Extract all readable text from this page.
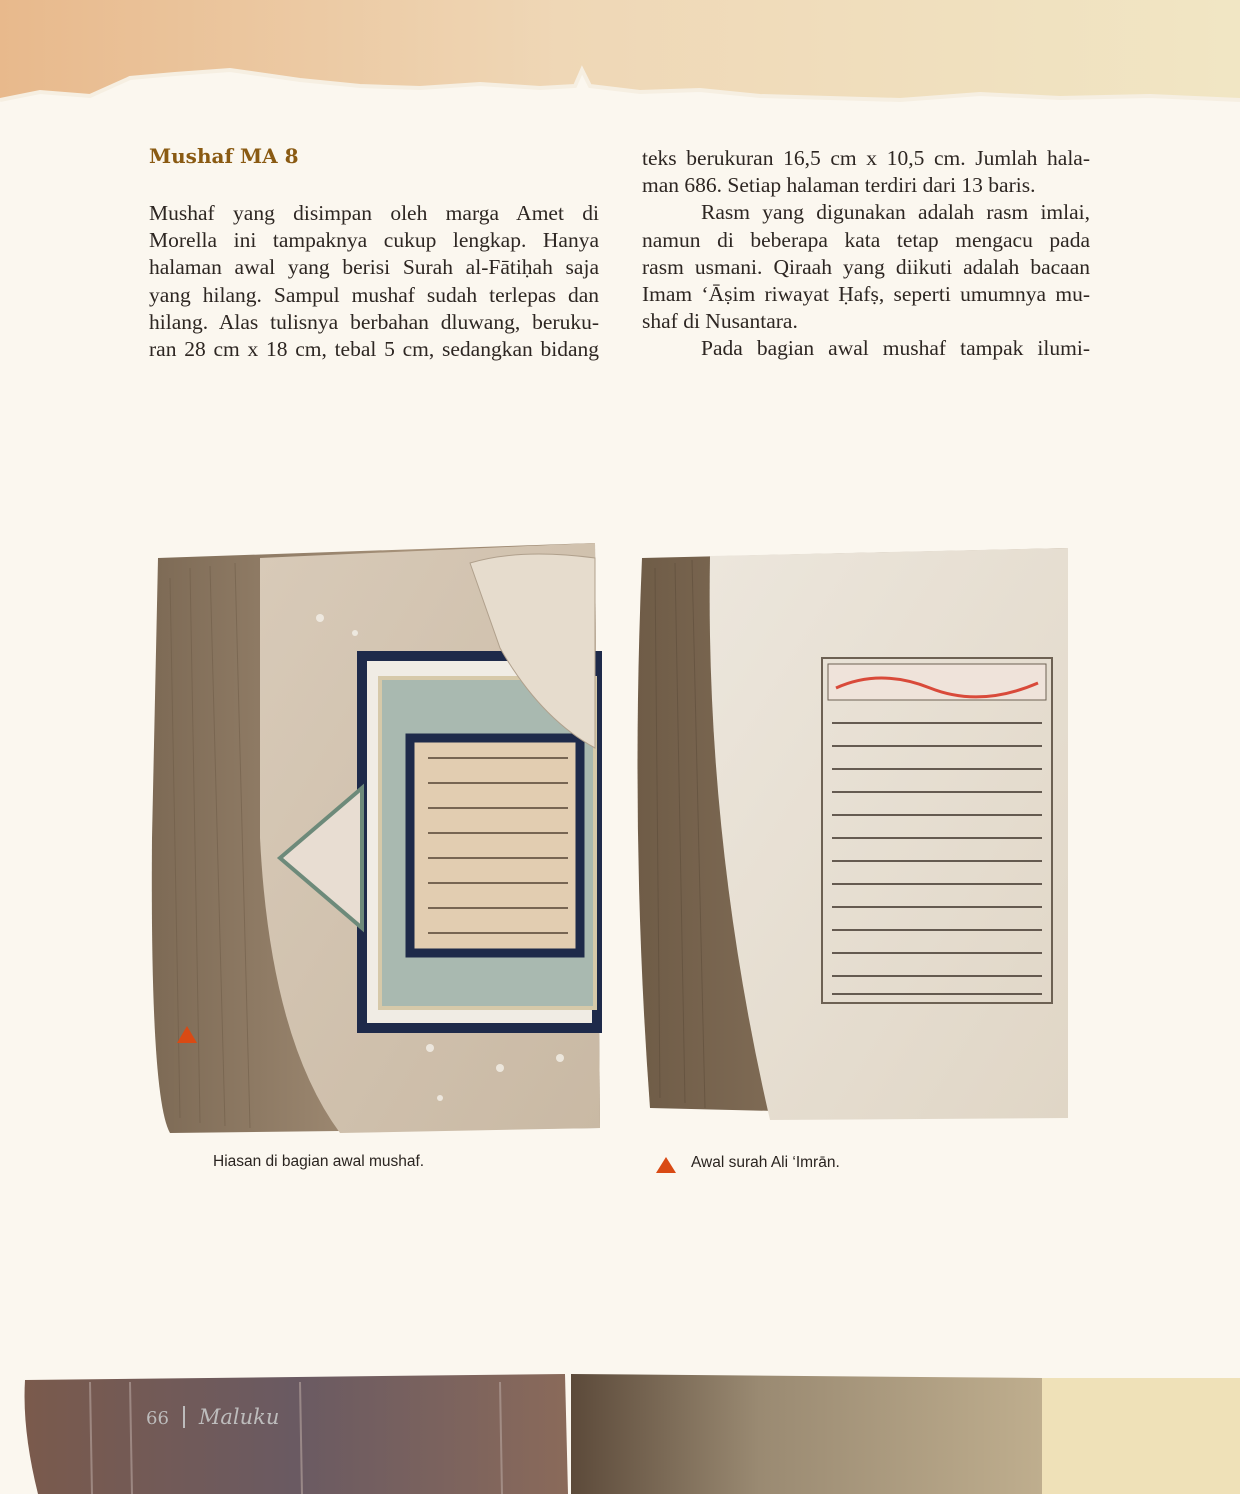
Mushaf MA 8
Mushaf yang disimpan oleh marga Amet di
Morella ini tampaknya cukup lengkap. Hanya
halaman awal yang berisi Surah al-Fātiḥah saja
yang hilang. Sampul mushaf sudah terlepas dan
hilang. Alas tulisnya berbahan dluwang, beruku-
ran 28 cm x 18 cm, tebal 5 cm, sedangkan bidang
teks berukuran 16,5 cm x 10,5 cm. Jumlah hala-
man 686. Setiap halaman terdiri dari 13 baris.
Rasm yang digunakan adalah rasm imlai,
namun di beberapa kata tetap mengacu pada
rasm usmani. Qiraah yang diikuti adalah bacaan
Imam ‘Āṣim riwayat Ḥafṣ, seperti umumnya mu-
shaf di Nusantara.
Pada bagian awal mushaf tampak ilumi-
Hiasan di bagian awal mushaf.	Awal surah Ali ‘Imrān.
66 Maluku
